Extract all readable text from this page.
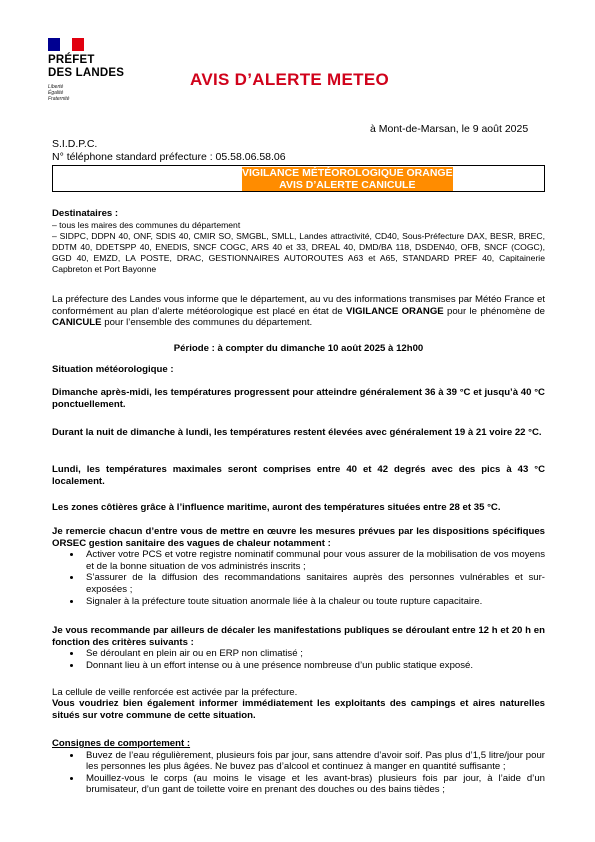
PRÉFET
DES LANDES
Liberté
Égalité
Fraternité
AVIS D’ALERTE METEO
à Mont-de-Marsan, le 9 août 2025
S.I.D.P.C.
N° téléphone standard préfecture : 05.58.06.58.06
VIGILANCE MÉTÉOROLOGIQUE ORANGE
AVIS D’ALERTE CANICULE
Destinataires :
– tous les maires des communes du département
– SIDPC, DDPN 40, ONF, SDIS 40, CMIR SO, SMGBL, SMLL, Landes attractivité, CD40, Sous-Préfecture DAX, BESR, BREC, DDTM 40, DDETSPP 40, ENEDIS, SNCF COGC, ARS 40 et 33, DREAL 40, DMD/BA 118, DSDEN40, OFB, SNCF (COGC), GGD 40, EMZD, LA POSTE, DRAC, GESTIONNAIRES AUTOROUTES A63 et A65, STANDARD PREF 40, Capitainerie Capbreton et Port Bayonne
La préfecture des Landes vous informe que le département, au vu des informations transmises par Météo France et conformément au plan d’alerte météorologique est placé en état de VIGILANCE ORANGE pour le phénomène de CANICULE pour l’ensemble des communes du département.
Période : à compter du dimanche 10 août 2025 à 12h00
Situation météorologique :
Dimanche après-midi, les températures progressent pour atteindre généralement 36 à 39 °C et jusqu’à 40 °C ponctuellement.
Durant la nuit de dimanche à lundi, les températures restent élevées avec généralement 19 à 21 voire 22 °C.
Lundi, les températures maximales seront comprises entre 40 et 42 degrés avec des pics à 43 °C localement.
Les zones côtières grâce à l’influence maritime, auront des températures situées entre 28 et 35 °C.
Je remercie chacun d’entre vous de mettre en œuvre les mesures prévues par les dispositions spécifiques ORSEC gestion sanitaire des vagues de chaleur notamment :
• Activer votre PCS et votre registre nominatif communal pour vous assurer de la mobilisation de vos moyens et de la bonne situation de vos administrés inscrits ;
• S’assurer de la diffusion des recommandations sanitaires auprès des personnes vulnérables et sur-exposées ;
• Signaler à la préfecture toute situation anormale liée à la chaleur ou toute rupture capacitaire.
Je vous recommande par ailleurs de décaler les manifestations publiques se déroulant entre 12 h et 20 h en fonction des critères suivants :
• Se déroulant en plein air ou en ERP non climatisé ;
• Donnant lieu à un effort intense ou à une présence nombreuse d’un public statique exposé.
La cellule de veille renforcée est activée par la préfecture.
Vous voudriez bien également informer immédiatement les exploitants des campings et aires naturelles situés sur votre commune de cette situation.
Consignes de comportement :
• Buvez de l’eau régulièrement, plusieurs fois par jour, sans attendre d’avoir soif. Pas plus d’1,5 litre/jour pour les personnes les plus âgées. Ne buvez pas d’alcool et continuez à manger en quantité suffisante ;
• Mouillez-vous le corps (au moins le visage et les avant-bras) plusieurs fois par jour, à l’aide d’un brumisateur, d’un gant de toilette voire en prenant des douches ou des bains tièdes ;
